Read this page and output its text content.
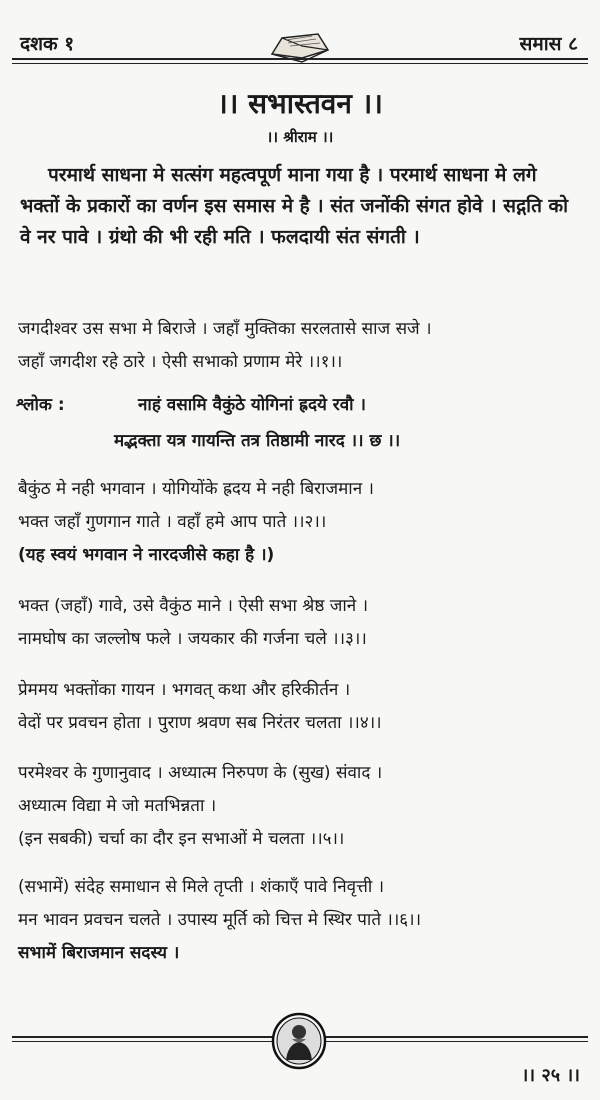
दशक १	समास ८
।। सभास्तवन ।।
।। श्रीराम ।।

परमार्थ साधना मे सत्संग महत्वपूर्ण माना गया है । परमार्थ साधना मे लगे भक्तों के प्रकारों का वर्णन इस समास मे है । संत जनोंकी संगत होवे । सद्गति को वे नर पावे । ग्रंथो की भी रही मति । फलदायी संत संगती ।

जगदीश्वर उस सभा मे बिराजे । जहाँ मुक्तिका सरलतासे साज सजे ।
जहाँ जगदीश रहे ठारे । ऐसी सभाको प्रणाम मेरे ।।१।।
श्लोक :	नाहं वसामि वैकुंठे योगिनां ह्रदये रवौ ।
मद्भक्ता यत्र गायन्ति तत्र तिष्ठामी नारद ।। छ ।।
बैकुंठ मे नही भगवान । योगियोंके ह्रदय मे नही बिराजमान ।
भक्त जहाँ गुणगान गाते । वहाँ हमे आप पाते ।।२।।
(यह स्वयं भगवान ने नारदजीसे कहा है ।)
भक्त (जहाँ) गावे, उसे वैकुंठ माने । ऐसी सभा श्रेष्ठ जाने ।
नामघोष का जल्लोष फले । जयकार की गर्जना चले ।।३।।
प्रेममय भक्तोंका गायन । भगवत् कथा और हरिकीर्तन ।
वेदों पर प्रवचन होता । पुराण श्रवण सब निरंतर चलता ।।४।।
परमेश्वर के गुणानुवाद । अध्यात्म निरुपण के (सुख) संवाद ।
अध्यात्म विद्या मे जो मतभिन्नता ।
(इन सबकी) चर्चा का दौर इन सभाओं मे चलता ।।५।।
(सभामें) संदेह समाधान से मिले तृप्ती । शंकाएँ पावे निवृत्ती ।
मन भावन प्रवचन चलते । उपास्य मूर्ति को चित्त मे स्थिर पाते ।।६।।
सभामें बिराजमान सदस्य ।
।। २५ ।।
